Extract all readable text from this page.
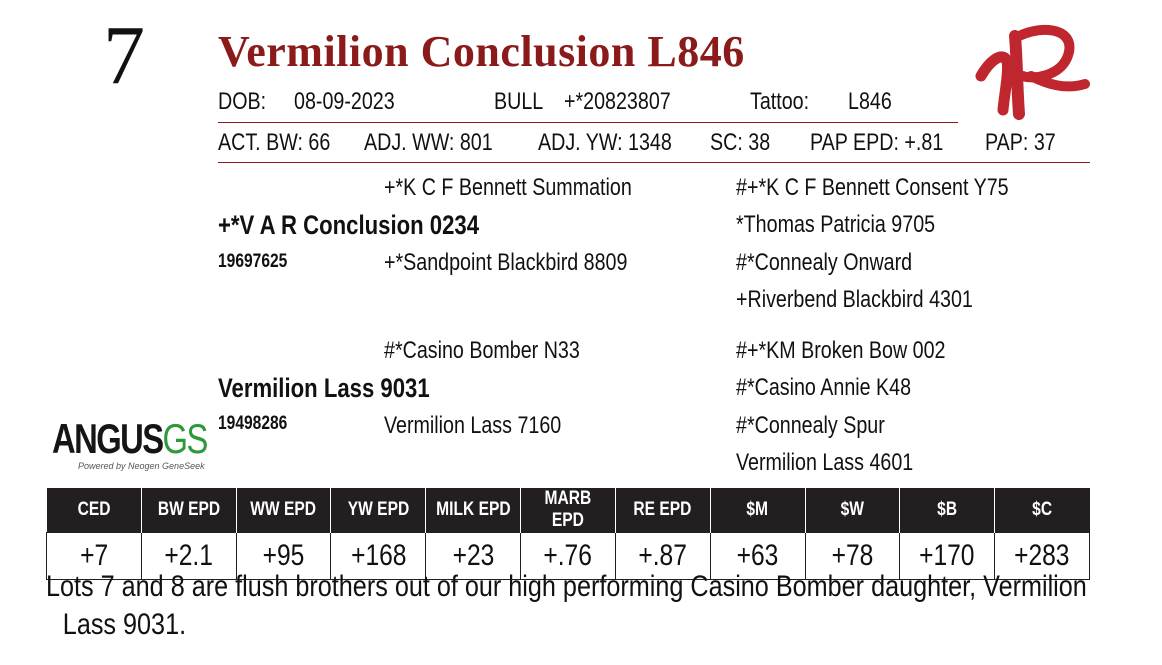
7 Vermilion Conclusion L846
DOB: 08-09-2023	BULL +*20823807	Tattoo: L846
ACT. BW: 66 ADJ. WW: 801 ADJ. YW: 1348 SC: 38 PAP EPD: +.81 PAP: 37
+*K C F Bennett Summation
+*V A R Conclusion 0234
19697625	+*Sandpoint Blackbird 8809
#+*K C F Bennett Consent Y75
*Thomas Patricia 9705
#*Connealy Onward
+Riverbend Blackbird 4301
#*Casino Bomber N33
Vermilion Lass 9031
19498286	Vermilion Lass 7160
#+*KM Broken Bow 002
#*Casino Annie K48
#*Connealy Spur
Vermilion Lass 4601
ANGUSGS
Powered by Neogen GeneSeek
CED	BW EPD	WW EPD	YW EPD	MILK EPD	MARB EPD	RE EPD	$M	$W	$B	$C
+7	+2.1	+95	+168	+23	+.76	+.87	+63	+78	+170	+283
Lots 7 and 8 are flush brothers out of our high performing Casino Bomber daughter, Vermilion
Lass 9031.
